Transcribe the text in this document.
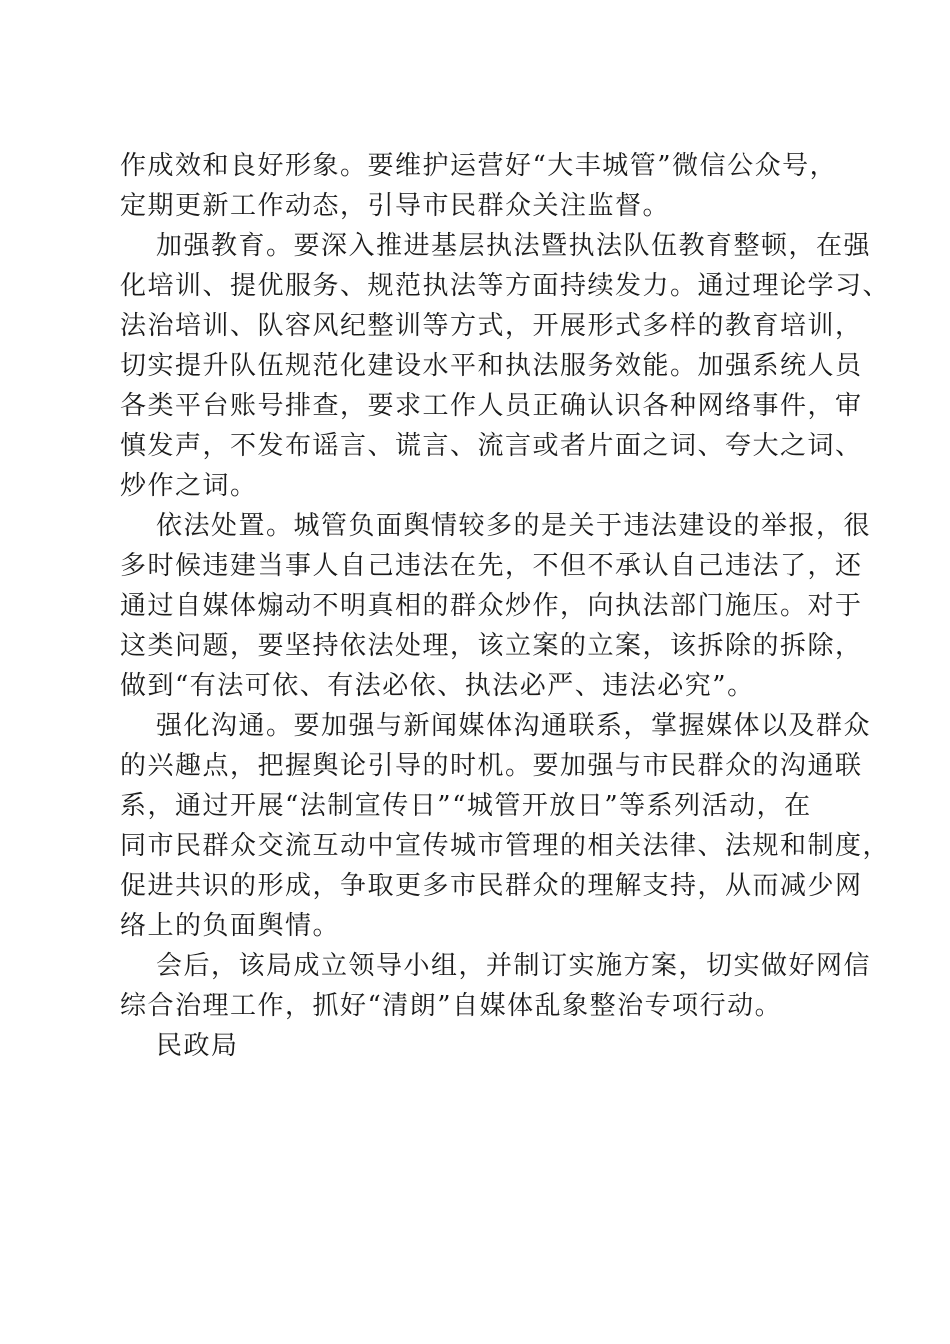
作成效和良好形象。要维护运营好“大丰城管”微信公众号，
定期更新工作动态，引导市民群众关注监督。
加强教育。要深入推进基层执法暨执法队伍教育整顿，在强
化培训、提优服务、规范执法等方面持续发力。通过理论学习、
法治培训、队容风纪整训等方式，开展形式多样的教育培训，
切实提升队伍规范化建设水平和执法服务效能。加强系统人员
各类平台账号排查，要求工作人员正确认识各种网络事件，审
慎发声，不发布谣言、谎言、流言或者片面之词、夸大之词、
炒作之词。
依法处置。城管负面舆情较多的是关于违法建设的举报，很
多时候违建当事人自己违法在先，不但不承认自己违法了，还
通过自媒体煽动不明真相的群众炒作，向执法部门施压。对于
这类问题，要坚持依法处理，该立案的立案，该拆除的拆除，
做到“有法可依、有法必依、执法必严、违法必究”。
强化沟通。要加强与新闻媒体沟通联系，掌握媒体以及群众
的兴趣点，把握舆论引导的时机。要加强与市民群众的沟通联
系，通过开展“法制宣传日”“城管开放日”等系列活动，在
同市民群众交流互动中宣传城市管理的相关法律、法规和制度，
促进共识的形成，争取更多市民群众的理解支持，从而减少网
络上的负面舆情。
会后，该局成立领导小组，并制订实施方案，切实做好网信
综合治理工作，抓好“清朗”自媒体乱象整治专项行动。
民政局
